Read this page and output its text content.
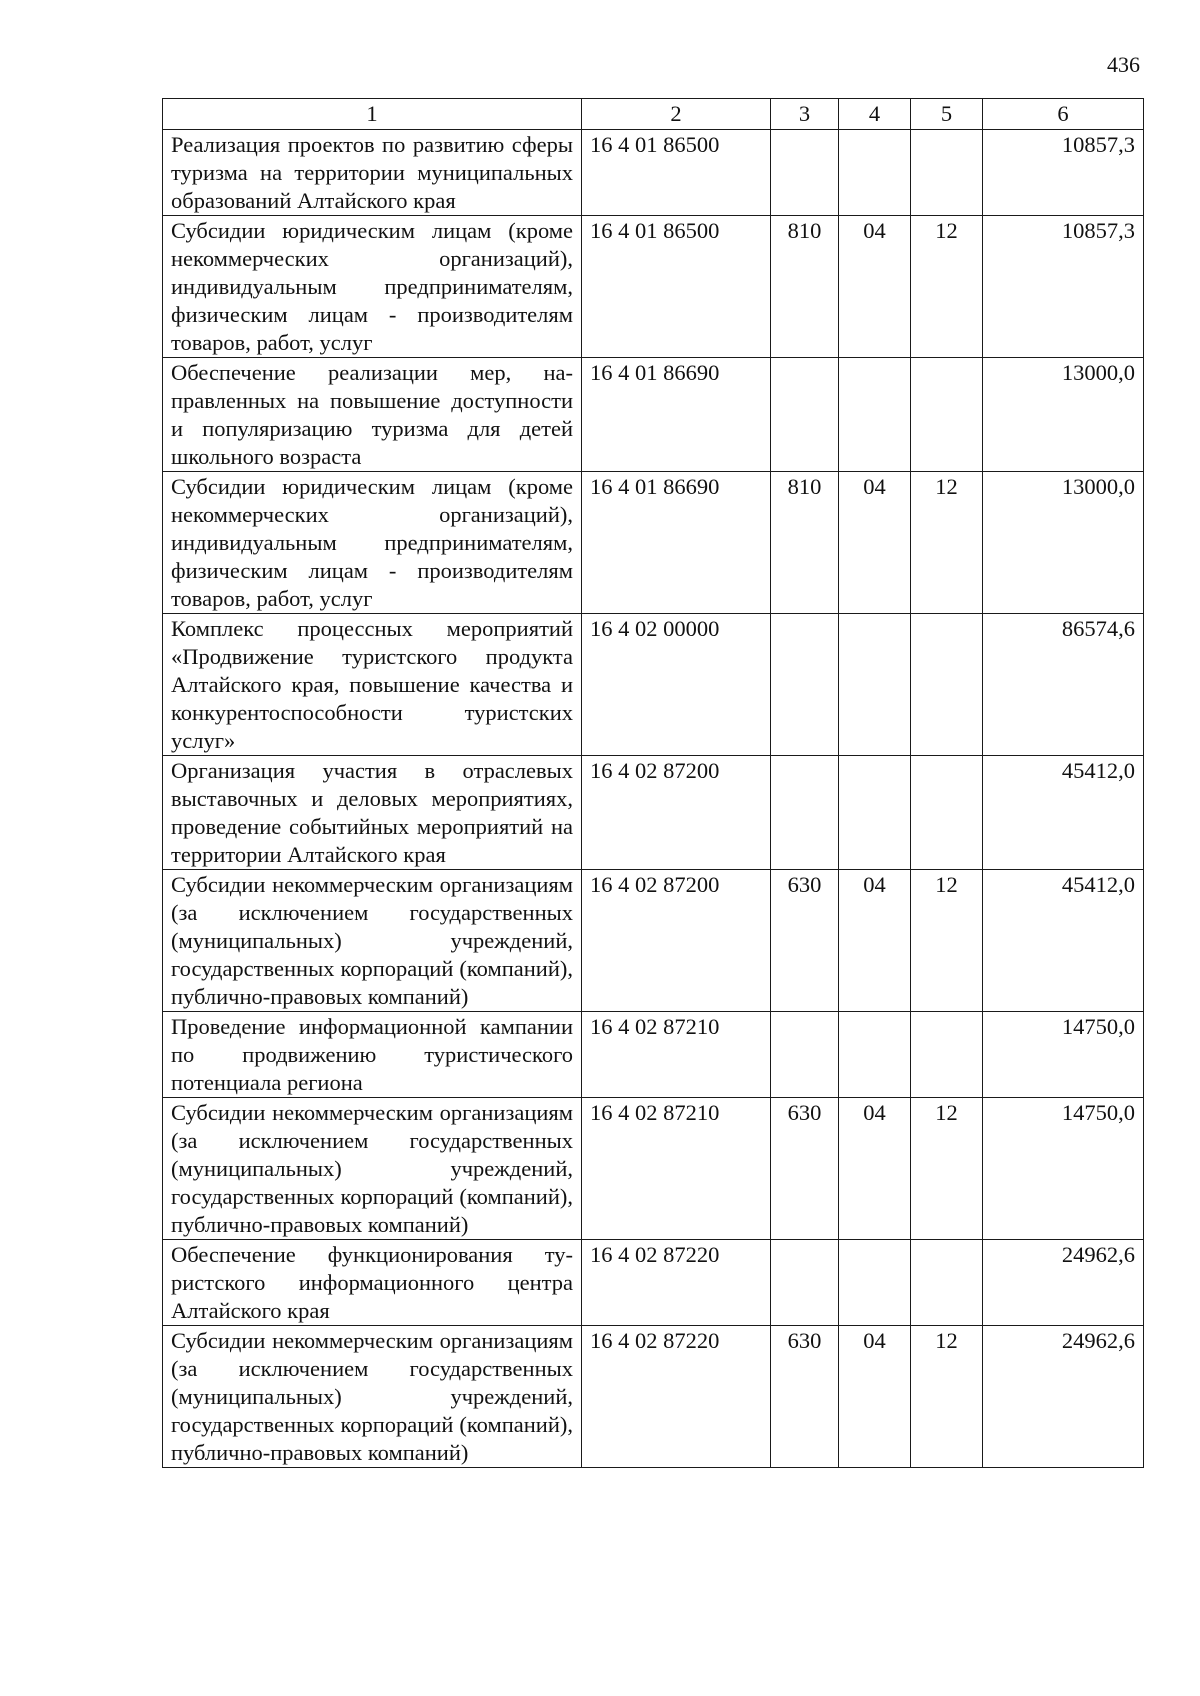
436
1	2	3	4	5	6
Реализация проектов по развитию сферы туризма на территории муниципальных образований Алтайского края	16 4 01 86500				10857,3
Субсидии юридическим лицам (кроме некоммерческих организаций), индивидуальным предпринимателям, физическим лицам - производителям товаров, работ, услуг	16 4 01 86500	810	04	12	10857,3
Обеспечение реализации мер, направленных на повышение доступности и популяризацию туризма для детей школьного возраста	16 4 01 86690				13000,0
Субсидии юридическим лицам (кроме некоммерческих организаций), индивидуальным предпринимателям, физическим лицам - производителям товаров, работ, услуг	16 4 01 86690	810	04	12	13000,0
Комплекс процессных мероприятий «Продвижение туристского продукта Алтайского края, повышение качества и конкурентоспособности туристских услуг»	16 4 02 00000				86574,6
Организация участия в отраслевых выставочных и деловых мероприятиях, проведение событийных мероприятий на территории Алтайского края	16 4 02 87200				45412,0
Субсидии некоммерческим организациям (за исключением государственных (муниципальных) учреждений, государственных корпораций (компаний), публично-правовых компаний)	16 4 02 87200	630	04	12	45412,0
Проведение информационной кампании по продвижению туристического потенциала региона	16 4 02 87210				14750,0
Субсидии некоммерческим организациям (за исключением государственных (муниципальных) учреждений, государственных корпораций (компаний), публично-правовых компаний)	16 4 02 87210	630	04	12	14750,0
Обеспечение функционирования туристского информационного центра Алтайского края	16 4 02 87220				24962,6
Субсидии некоммерческим организациям (за исключением государственных (муниципальных) учреждений, государственных корпораций (компаний), публично-правовых компаний)	16 4 02 87220	630	04	12	24962,6
